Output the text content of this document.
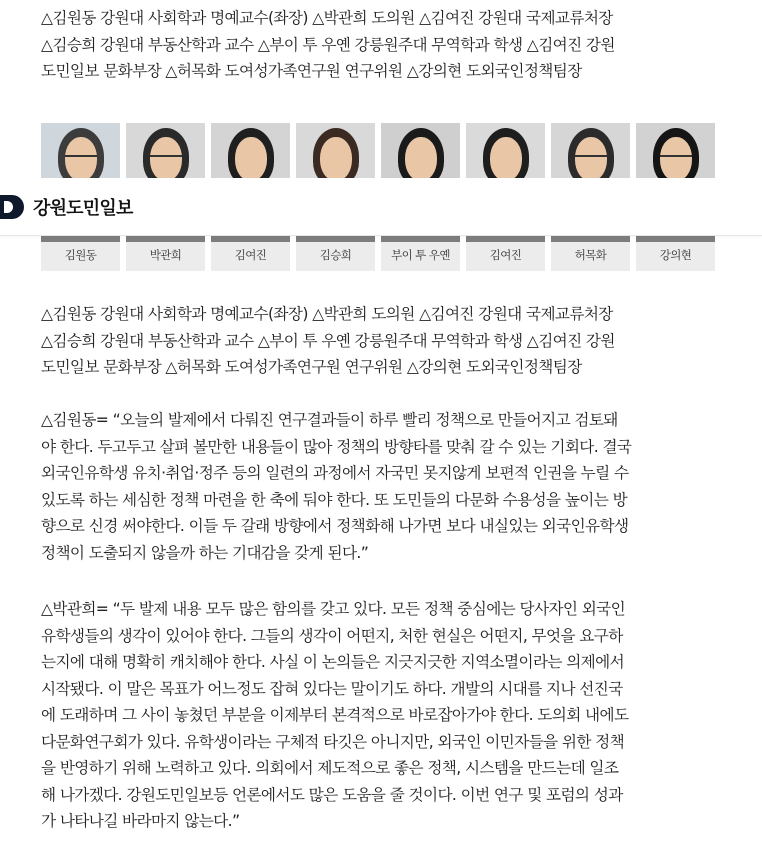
△김원동 강원대 사회학과 명예교수(좌장) △박관희 도의원 △김여진 강원대 국제교류처장
△김승희 강원대 부동산학과 교수 △부이 투 우옌 강릉원주대 무역학과 학생 △김여진 강원
도민일보 문화부장 △허목화 도여성가족연구원 연구위원 △강의현 도외국인정책팀장

김원동	박관희	김여진	김승희	부이 투 우옌	김여진	허목화	강의현
강원도민일보

△김원동 강원대 사회학과 명예교수(좌장) △박관희 도의원 △김여진 강원대 국제교류처장
△김승희 강원대 부동산학과 교수 △부이 투 우옌 강릉원주대 무역학과 학생 △김여진 강원
도민일보 문화부장 △허목화 도여성가족연구원 연구위원 △강의현 도외국인정책팀장

△김원동= “오늘의 발제에서 다뤄진 연구결과들이 하루 빨리 정책으로 만들어지고 검토돼
야 한다. 두고두고 살펴 볼만한 내용들이 많아 정책의 방향타를 맞춰 갈 수 있는 기회다. 결국
외국인유학생 유치·취업·정주 등의 일련의 과정에서 자국민 못지않게 보편적 인권을 누릴 수
있도록 하는 세심한 정책 마련을 한 축에 둬야 한다. 또 도민들의 다문화 수용성을 높이는 방
향으로 신경 써야한다. 이들 두 갈래 방향에서 정책화해 나가면 보다 내실있는 외국인유학생
정책이 도출되지 않을까 하는 기대감을 갖게 된다.”

△박관희= “두 발제 내용 모두 많은 함의를 갖고 있다. 모든 정책 중심에는 당사자인 외국인
유학생들의 생각이 있어야 한다. 그들의 생각이 어떤지, 처한 현실은 어떤지, 무엇을 요구하
는지에 대해 명확히 캐치해야 한다. 사실 이 논의들은 지긋지긋한 지역소멸이라는 의제에서
시작됐다. 이 말은 목표가 어느정도 잡혀 있다는 말이기도 하다. 개발의 시대를 지나 선진국
에 도래하며 그 사이 놓쳤던 부분을 이제부터 본격적으로 바로잡아가야 한다. 도의회 내에도
다문화연구회가 있다. 유학생이라는 구체적 타깃은 아니지만, 외국인 이민자들을 위한 정책
을 반영하기 위해 노력하고 있다. 의회에서 제도적으로 좋은 정책, 시스템을 만드는데 일조
해 나가겠다. 강원도민일보등 언론에서도 많은 도움을 줄 것이다. 이번 연구 및 포럼의 성과
가 나타나길 바라마지 않는다.”
